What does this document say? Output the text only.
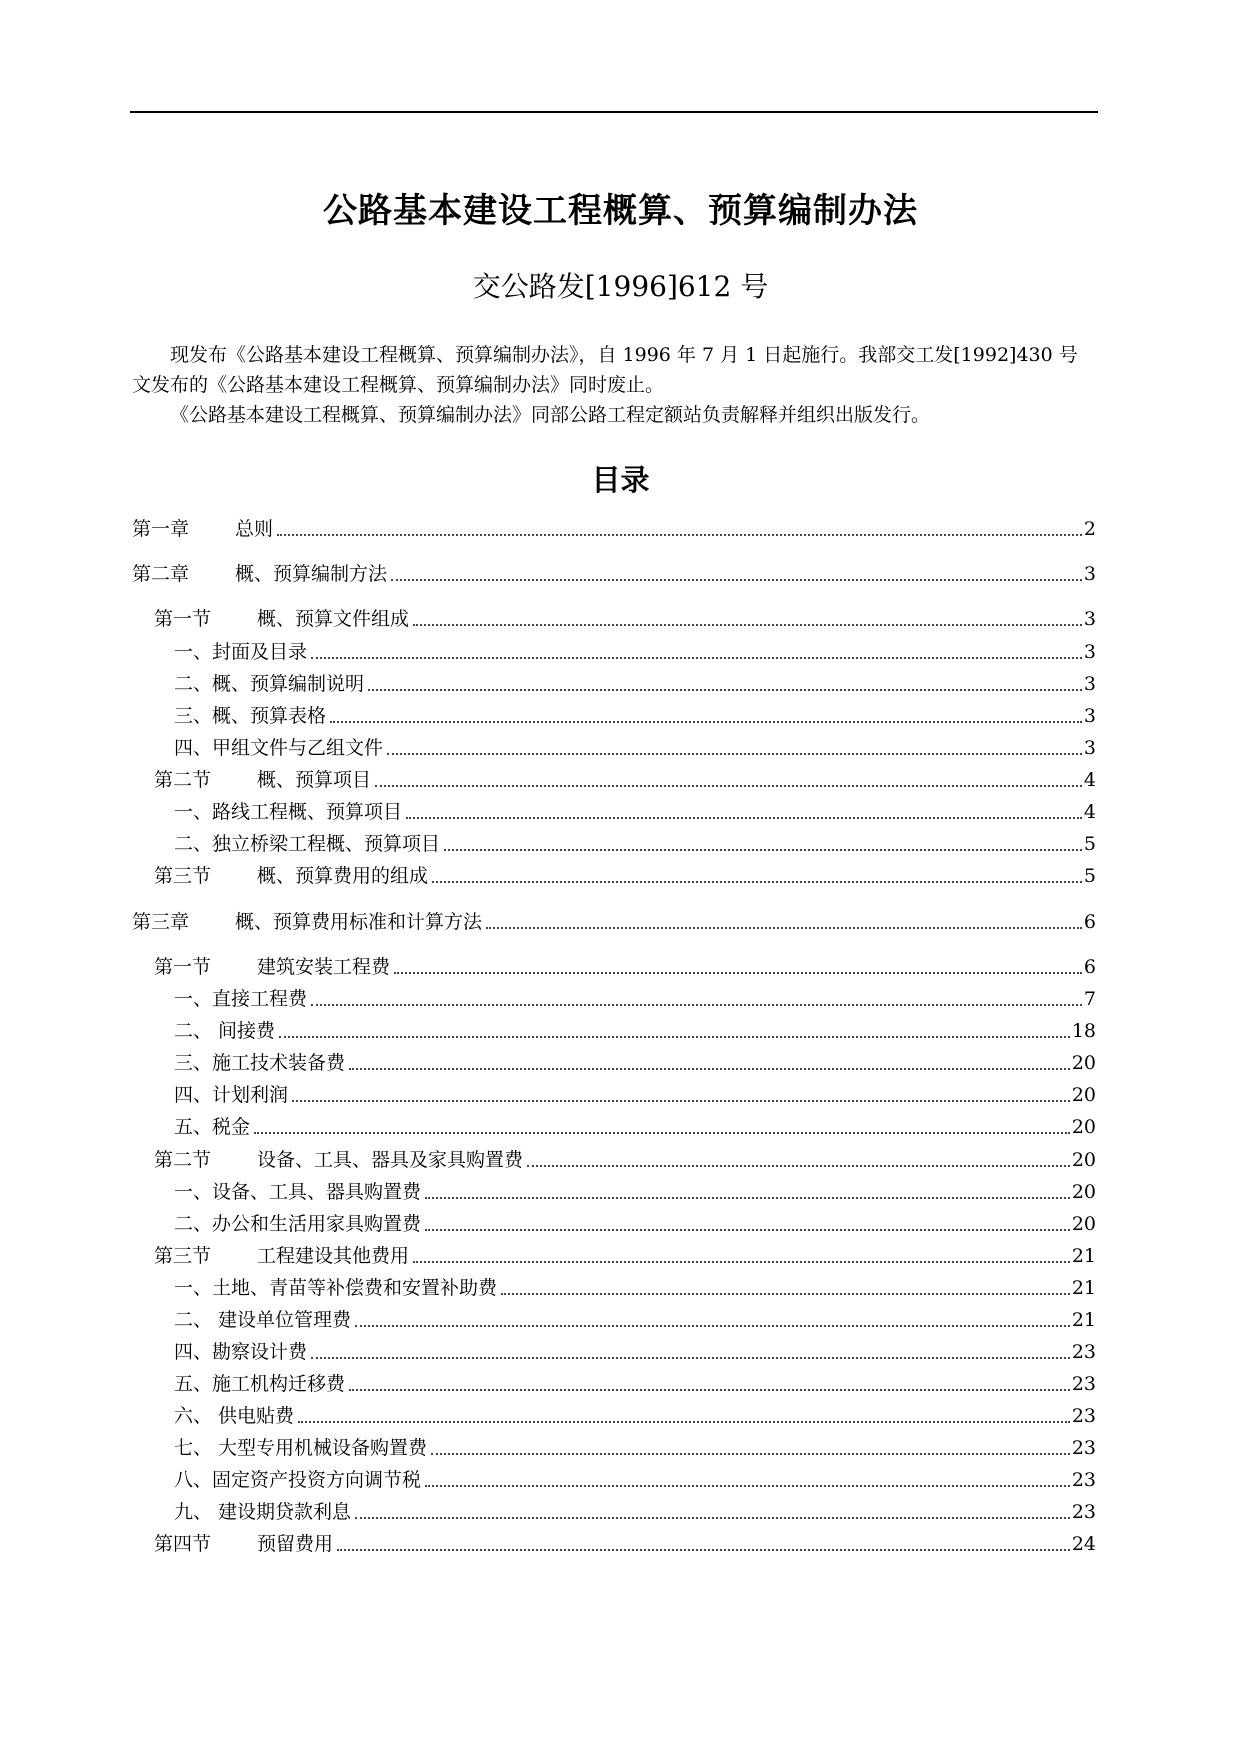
公路基本建设工程概算、预算编制办法
交公路发[1996]612 号

现发布《公路基本建设工程概算、预算编制办法》，自 1996 年 7 月 1 日起施行。我部交工发[1992]430 号文发布的《公路基本建设工程概算、预算编制办法》同时废止。

《公路基本建设工程概算、预算编制办法》同部公路工程定额站负责解释并组织出版发行。

目录
第一章 总则	2
第二章 概、预算编制方法	3
第一节 概、预算文件组成	3
一、封面及目录	3
二、概、预算编制说明	3
三、概、预算表格	3
四、甲组文件与乙组文件	3
第二节 概、预算项目	4
一、路线工程概、预算项目	4
二、独立桥梁工程概、预算项目	5
第三节 概、预算费用的组成	5
第三章 概、预算费用标准和计算方法	6
第一节 建筑安装工程费	6
一、直接工程费	7
二、 间接费	18
三、施工技术装备费	20
四、计划利润	20
五、税金	20
第二节 设备、工具、器具及家具购置费	20
一、设备、工具、器具购置费	20
二、办公和生活用家具购置费	20
第三节 工程建设其他费用	21
一、土地、青苗等补偿费和安置补助费	21
二、 建设单位管理费	21
四、勘察设计费	23
五、施工机构迁移费	23
六、 供电贴费	23
七、 大型专用机械设备购置费	23
八、固定资产投资方向调节税	23
九、 建设期贷款利息	23
第四节 预留费用	24
